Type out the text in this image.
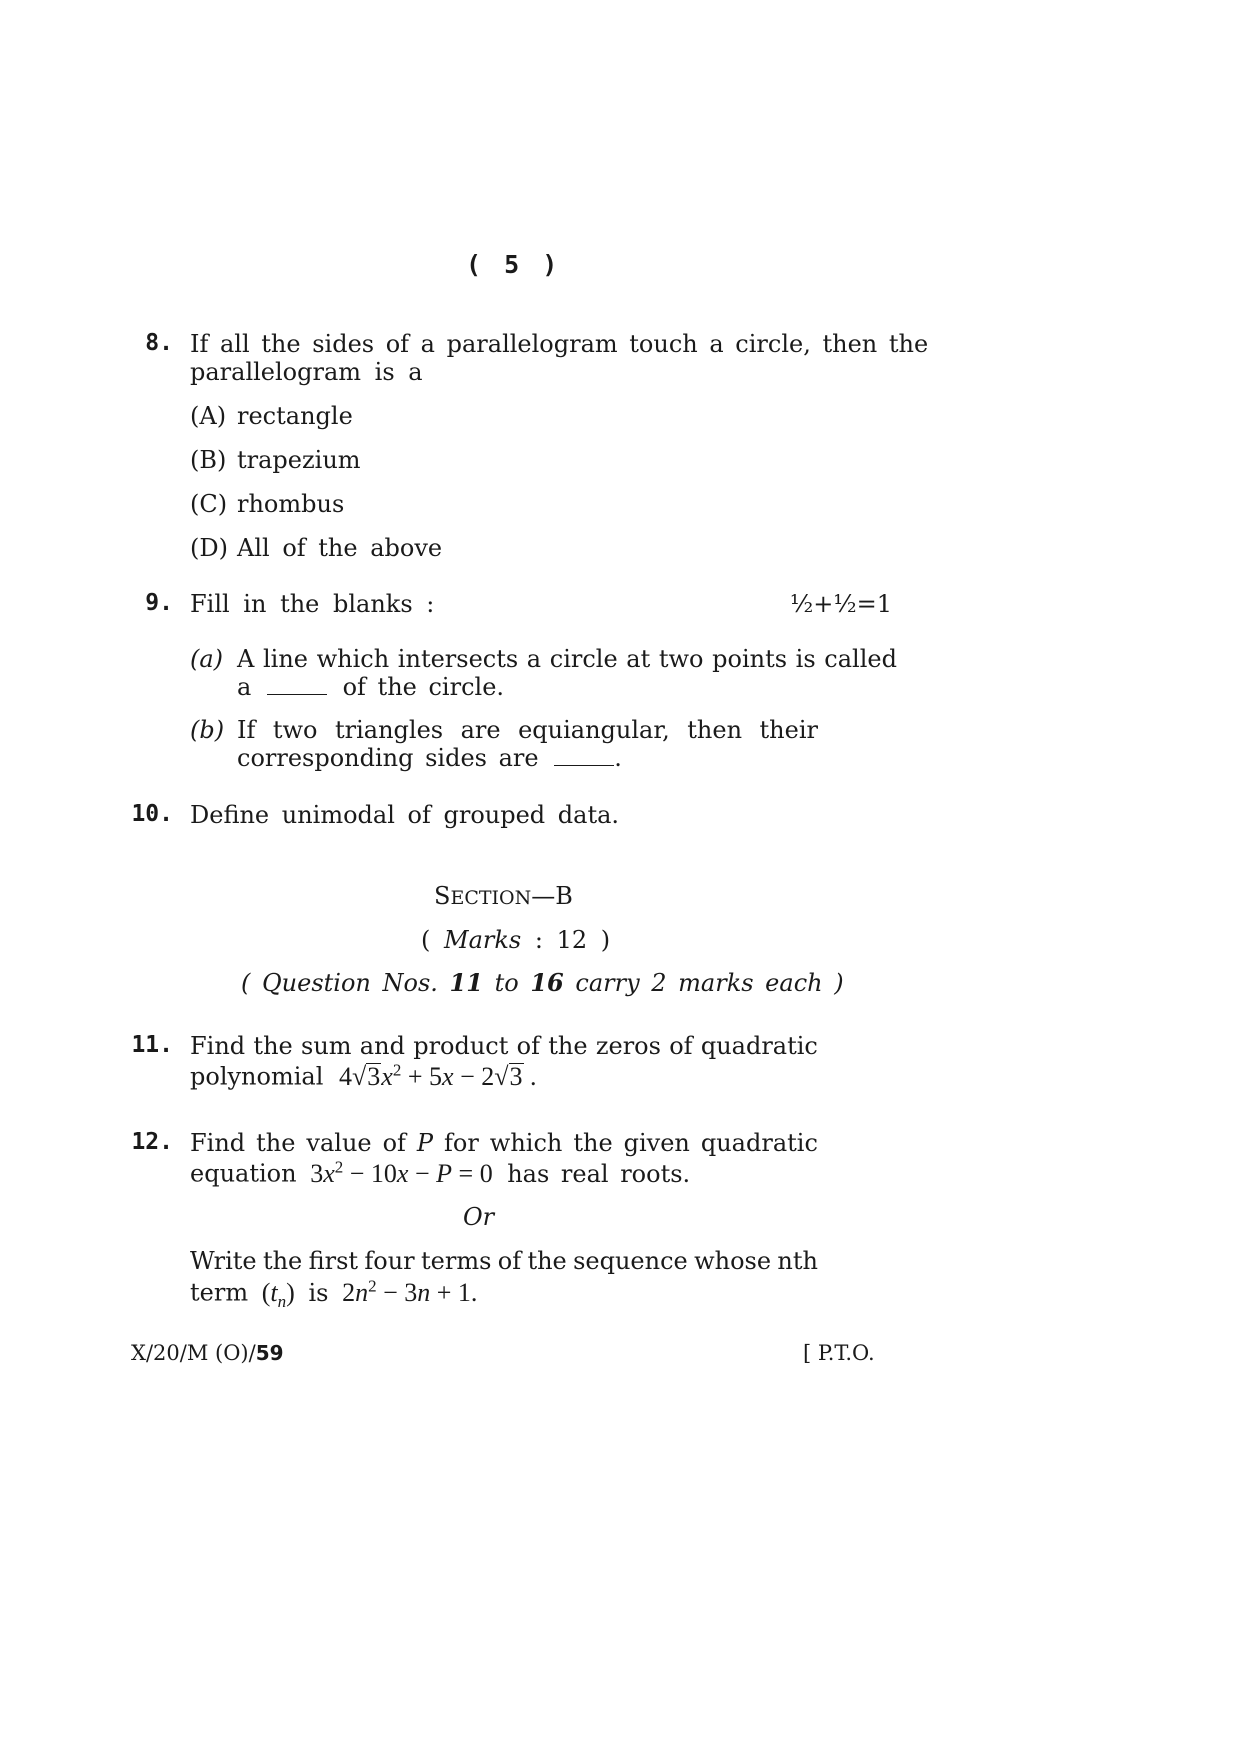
( 5 )
8. If all the sides of a parallelogram touch a circle, then the
parallelogram is a
(A) rectangle
(B) trapezium
(C) rhombus
(D) All of the above
9. Fill in the blanks :	½+½=1
(a) A line which intersects a circle at two points is called
a	of the circle.
(b) If two triangles are equiangular, then their
corresponding sides are	.
10. Define unimodal of grouped data.
SECTION—B
( Marks : 12 )
( Question Nos. 11 to 16 carry 2 marks each )
11. Find the sum and product of the zeros of quadratic
polynomial $4√3x^2 + 5x - 2√3$ .
12. Find the value of P for which the given quadratic
equation $3x^2 - 10x - P = 0$ has real roots.
Or
Write the first four terms of the sequence whose nth
term $(t_n)$ is $2n^2 - 3n + 1$.
X/20/M (O)/59	[ P.T.O.
